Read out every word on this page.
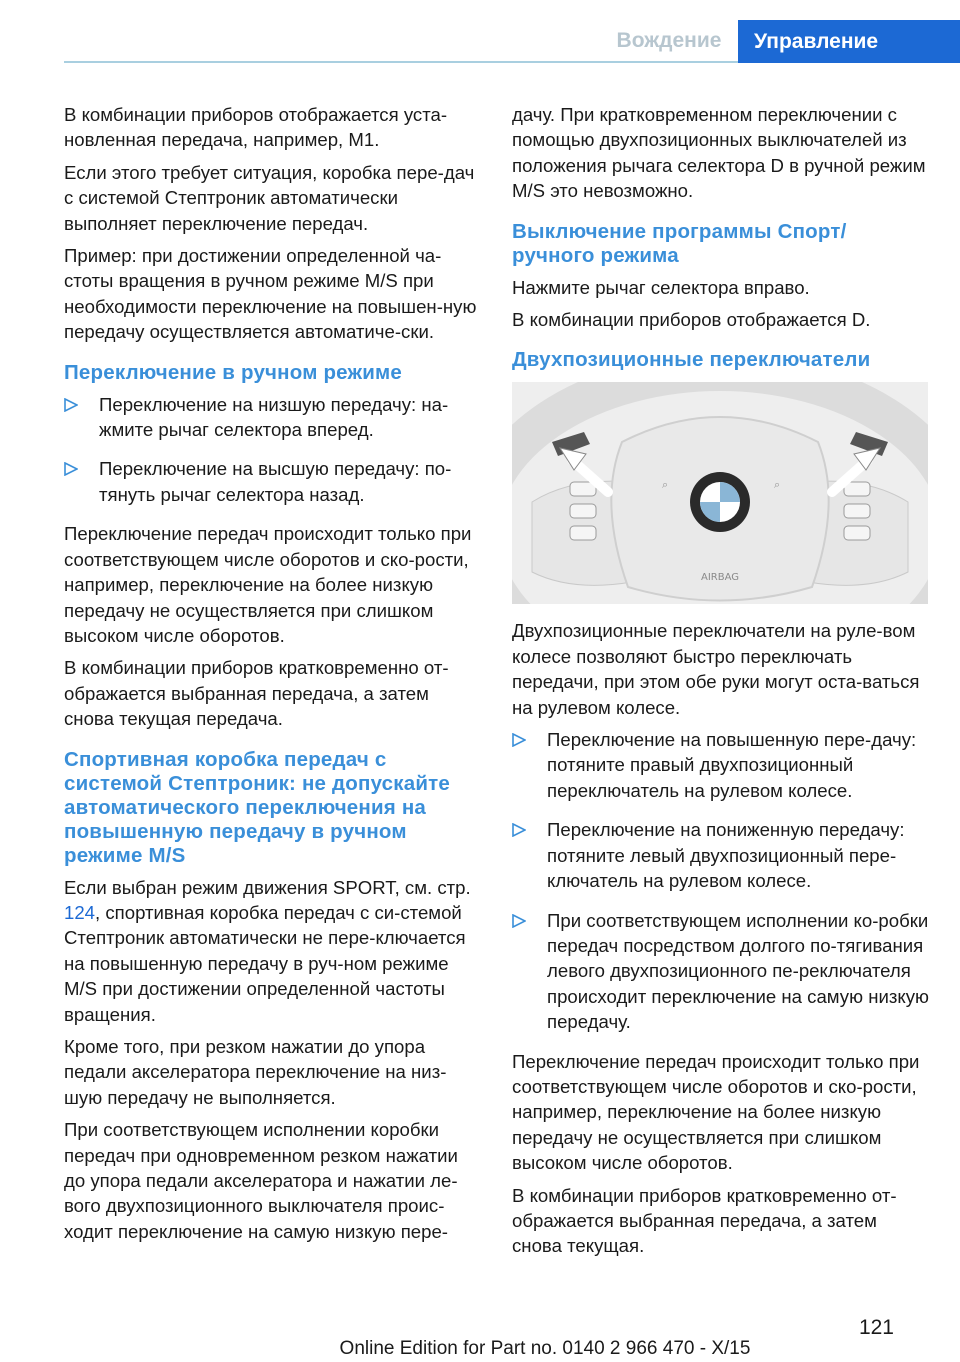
Вождение	Управление

В комбинации приборов отображается уста-новленная передача, например, M1.

Если этого требует ситуация, коробка пере-дач с системой Стептроник автоматически выполняет переключение передач.

Пример: при достижении определенной ча-стоты вращения в ручном режиме M/S при необходимости переключение на повышен-ную передачу осуществляется автоматиче-ски.

Переключение в ручном режиме
Переключение на низшую передачу: на-жмите рычаг селектора вперед.
Переключение на высшую передачу: по-тянуть рычаг селектора назад.

Переключение передач происходит только при соответствующем числе оборотов и ско-рости, например, переключение на более низкую передачу не осуществляется при слишком высоком числе оборотов.

В комбинации приборов кратковременно от-ображается выбранная передача, а затем снова текущая передача.

Спортивная коробка передач с системой Стептроник: не допускайте автоматического переключения на повышенную передачу в ручном режиме M/S

Если выбран режим движения SPORT, см. стр. 124, спортивная коробка передач с си-стемой Стептроник автоматически не пере-ключается на повышенную передачу в руч-ном режиме M/S при достижении определенной частоты вращения.

Кроме того, при резком нажатии до упора педали акселератора переключение на низ-шую передачу не выполняется.

При соответствующем исполнении коробки передач при одновременном резком нажатии до упора педали акселератора и нажатии ле-вого двухпозиционного выключателя проис-ходит переключение на самую низкую пере-

дачу. При кратковременном переключении с помощью двухпозиционных выключателей из положения рычага селектора D в ручной режим M/S это невозможно.

Выключение программы Спорт/ ручного режима

Нажмите рычаг селектора вправо.

В комбинации приборов отображается D.

Двухпозиционные переключатели
⌕	⌕
AIRBAG

Двухпозиционные переключатели на руле-вом колесе позволяют быстро переключать передачи, при этом обе руки могут оста-ваться на рулевом колесе.

Переключение на повышенную пере-дачу: потяните правый двухпозиционный переключатель на рулевом колесе.
Переключение на пониженную передачу: потяните левый двухпозиционный пере-ключатель на рулевом колесе.
При соответствующем исполнении ко-робки передач посредством долгого по-тягивания левого двухпозиционного пе-реключателя происходит переключение на самую низкую передачу.

Переключение передач происходит только при соответствующем числе оборотов и ско-рости, например, переключение на более низкую передачу не осуществляется при слишком высоком числе оборотов.

В комбинации приборов кратковременно от-ображается выбранная передача, а затем снова текущая.

121
Online Edition for Part no. 0140 2 966 470 - X/15
